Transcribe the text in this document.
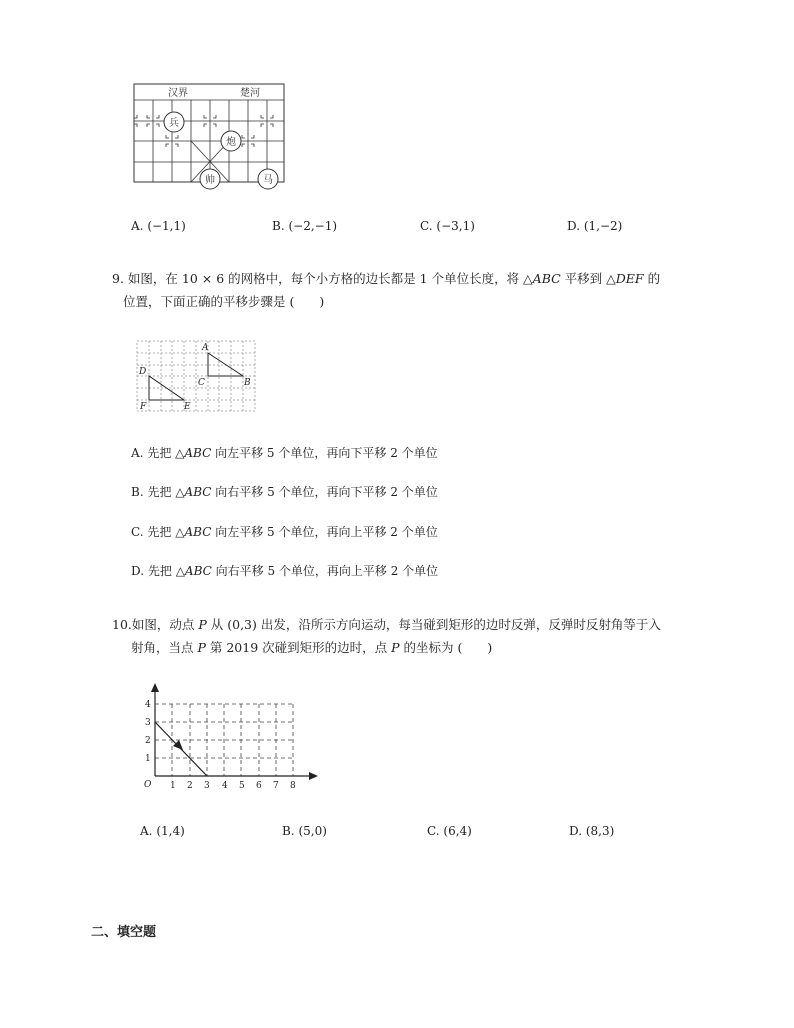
汉界	楚河
兵
炮
帅	马
A. (−1,1)	B. (−2,−1)	C. (−3,1)	D. (1,−2)
9. 如图，在 10 × 6 的网格中，每个小方格的边长都是 1 个单位长度，将 △ABC 平移到 △DEF 的
位置，下面正确的平移步骤是 (　　)
A
B
C
D
E
F
A. 先把 △ABC 向左平移 5 个单位，再向下平移 2 个单位
B. 先把 △ABC 向右平移 5 个单位，再向下平移 2 个单位
C. 先把 △ABC 向左平移 5 个单位，再向上平移 2 个单位
D. 先把 △ABC 向右平移 5 个单位，再向上平移 2 个单位
10.如图，动点 P 从 (0,3) 出发，沿所示方向运动，每当碰到矩形的边时反弹，反弹时反射角等于入
射角，当点 P 第 2019 次碰到矩形的边时，点 P 的坐标为 (　　)
O 1 2 3 4 5 6 7 8
1
2
3
4
A. (1,4)	B. (5,0)	C. (6,4)	D. (8,3)
二、填空题
